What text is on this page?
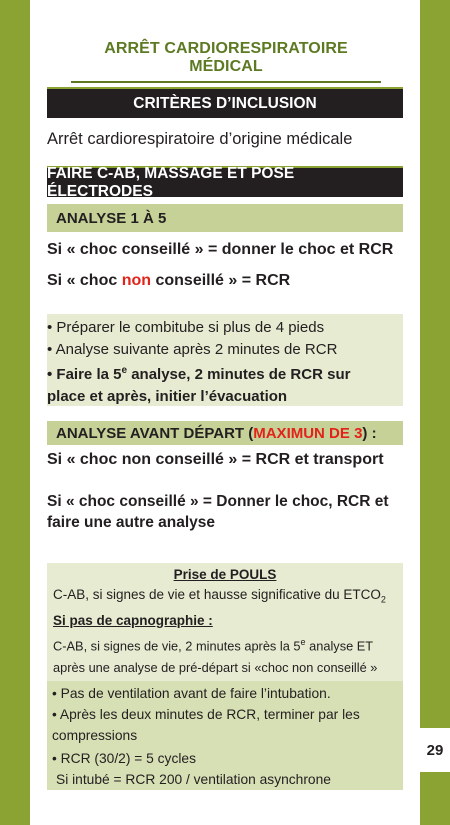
29
ARRÊT CARDIORESPIRATOIRE MÉDICAL
CRITÈRES D’INCLUSION
Arrêt cardiorespiratoire d’origine médicale
FAIRE C-AB, MASSAGE ET POSE ÉLECTRODES
ANALYSE 1 À 5
Si « choc conseillé » = donner le choc et RCR
Si « choc non conseillé » = RCR
• Préparer le combitube si plus de 4 pieds
• Analyse suivante après 2 minutes de RCR
• Faire la 5e analyse, 2 minutes de RCR sur
place et après, initier l’évacuation
ANALYSE AVANT DÉPART ( MAXIMUN DE 3 ) :
Si « choc non conseillé » = RCR et transport
Si « choc conseillé » = Donner le choc, RCR et
faire une autre analyse
Prise de POULS
C-AB, si signes de vie et hausse significative du $ETCO_2$
Si pas de capnographie :
C-AB, si signes de vie, 2 minutes après la 5e analyse ET
après une analyse de pré-départ si «choc non conseillé »
• Pas de ventilation avant de faire l’intubation.
• Après les deux minutes de RCR, terminer par les
compressions
• RCR (30/2) = 5 cycles
Si intubé = RCR 200 / ventilation asynchrone
